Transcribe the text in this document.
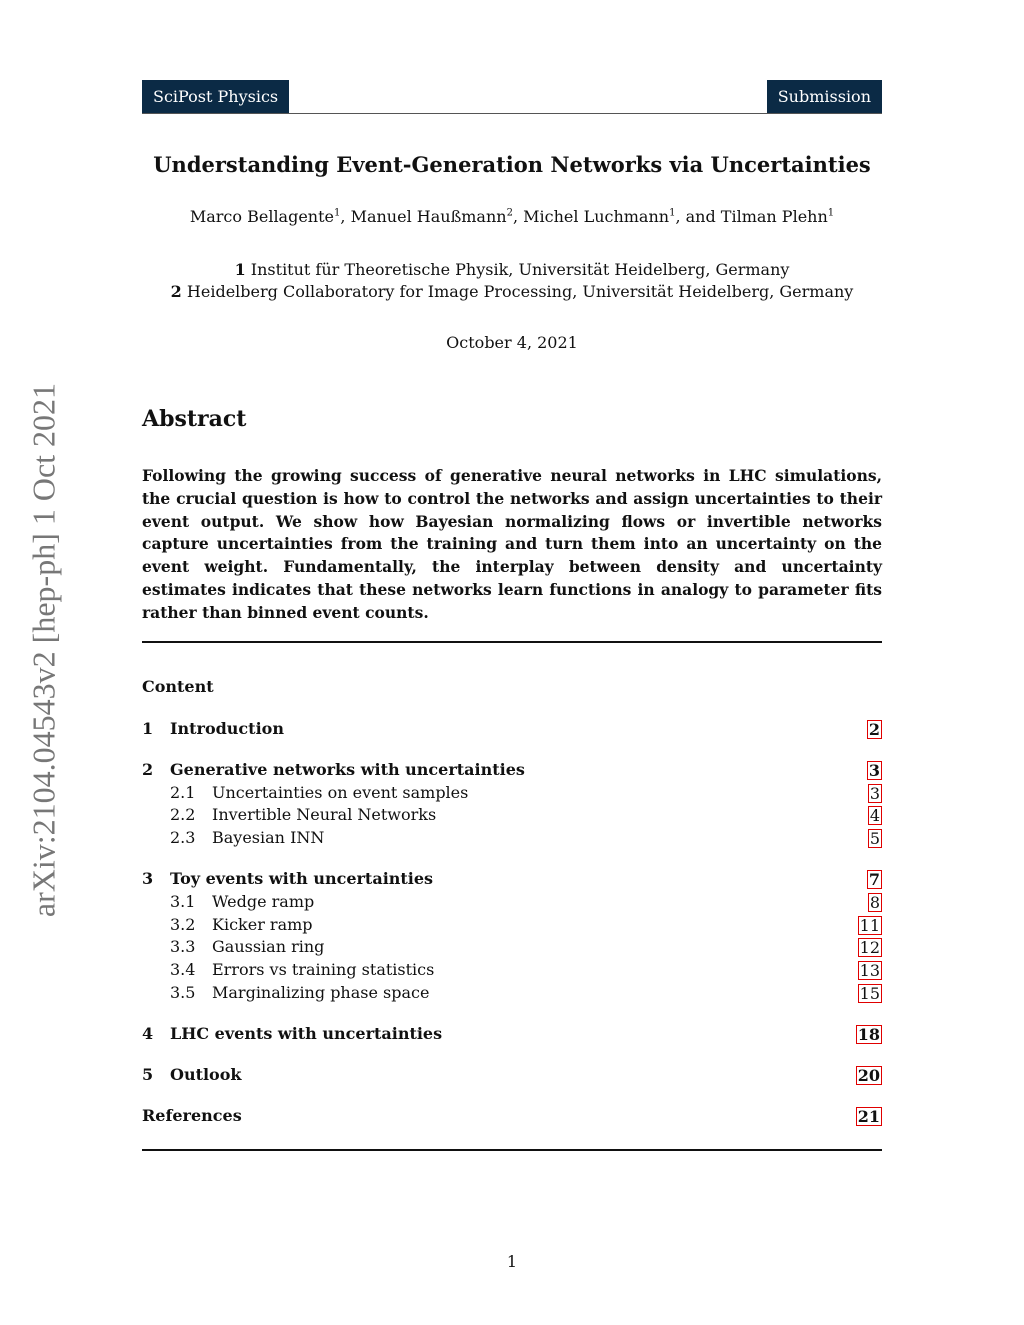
SciPost Physics	Submission
arXiv:2104.04543v2 [hep-ph] 1 Oct 2021
Understanding Event-Generation Networks via Uncertainties
Marco Bellagente$^1$, Manuel Haußmann$^2$, Michel Luchmann$^1$, and Tilman Plehn$^1$
1 Institut für Theoretische Physik, Universität Heidelberg, Germany
2 Heidelberg Collaboratory for Image Processing, Universität Heidelberg, Germany
October 4, 2021
Abstract
Following the growing success of generative neural networks in LHC simulations, the crucial question is how to control the networks and assign uncertainties to their event output. We show how Bayesian normalizing flows or invertible networks capture uncertainties from the training and turn them into an uncertainty on the event weight. Fundamentally, the interplay between density and uncertainty estimates indicates that these networks learn functions in analogy to parameter fits rather than binned event counts.
Content
1 Introduction	2
2 Generative networks with uncertainties	3
2.1 Uncertainties on event samples	3
2.2 Invertible Neural Networks	4
2.3 Bayesian INN	5
3 Toy events with uncertainties	7
3.1 Wedge ramp	8
3.2 Kicker ramp	11
3.3 Gaussian ring	12
3.4 Errors vs training statistics	13
3.5 Marginalizing phase space	15
4 LHC events with uncertainties	18
5 Outlook	20
References	21
1
